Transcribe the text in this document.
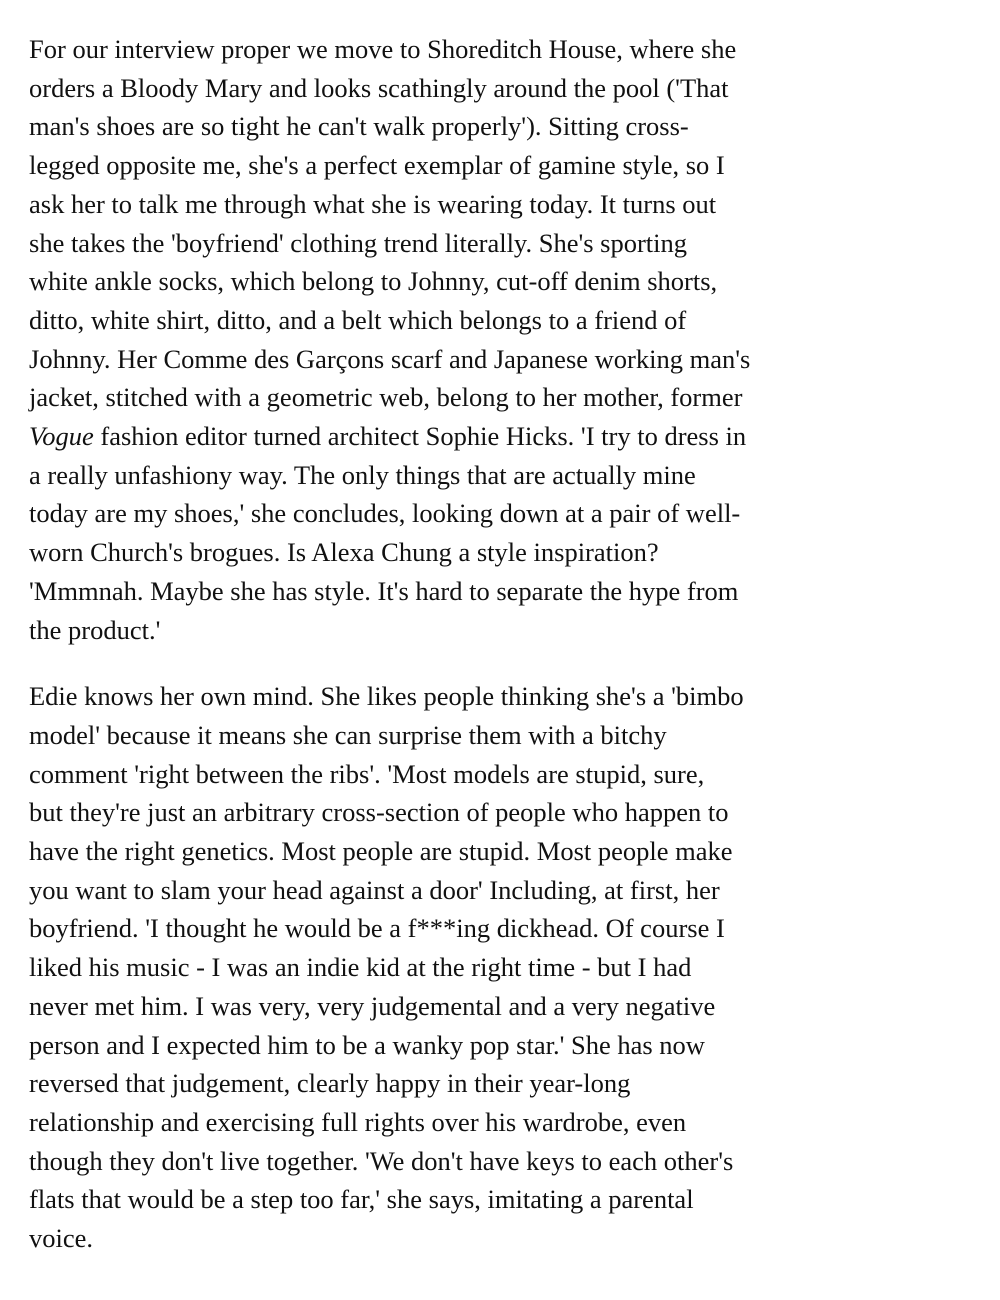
For our interview proper we move to Shoreditch House, where she
orders a Bloody Mary and looks scathingly around the pool ('That
man's shoes are so tight he can't walk properly'). Sitting cross-
legged opposite me, she's a perfect exemplar of gamine style, so I
ask her to talk me through what she is wearing today. It turns out
she takes the 'boyfriend' clothing trend literally. She's sporting
white ankle socks, which belong to Johnny, cut-off denim shorts,
ditto, white shirt, ditto, and a belt which belongs to a friend of
Johnny. Her Comme des Garçons scarf and Japanese working man's
jacket, stitched with a geometric web, belong to her mother, former
Vogue fashion editor turned architect Sophie Hicks. 'I try to dress in
a really unfashiony way. The only things that are actually mine
today are my shoes,' she concludes, looking down at a pair of well-
worn Church's brogues. Is Alexa Chung a style inspiration?
'Mmmnah. Maybe she has style. It's hard to separate the hype from
the product.'

Edie knows her own mind. She likes people thinking she's a 'bimbo
model' because it means she can surprise them with a bitchy
comment 'right between the ribs'. 'Most models are stupid, sure,
but they're just an arbitrary cross-section of people who happen to
have the right genetics. Most people are stupid. Most people make
you want to slam your head against a door' Including, at first, her
boyfriend. 'I thought he would be a f***ing dickhead. Of course I
liked his music - I was an indie kid at the right time - but I had
never met him. I was very, very judgemental and a very negative
person and I expected him to be a wanky pop star.' She has now
reversed that judgement, clearly happy in their year-long
relationship and exercising full rights over his wardrobe, even
though they don't live together. 'We don't have keys to each other's
flats that would be a step too far,' she says, imitating a parental
voice.
